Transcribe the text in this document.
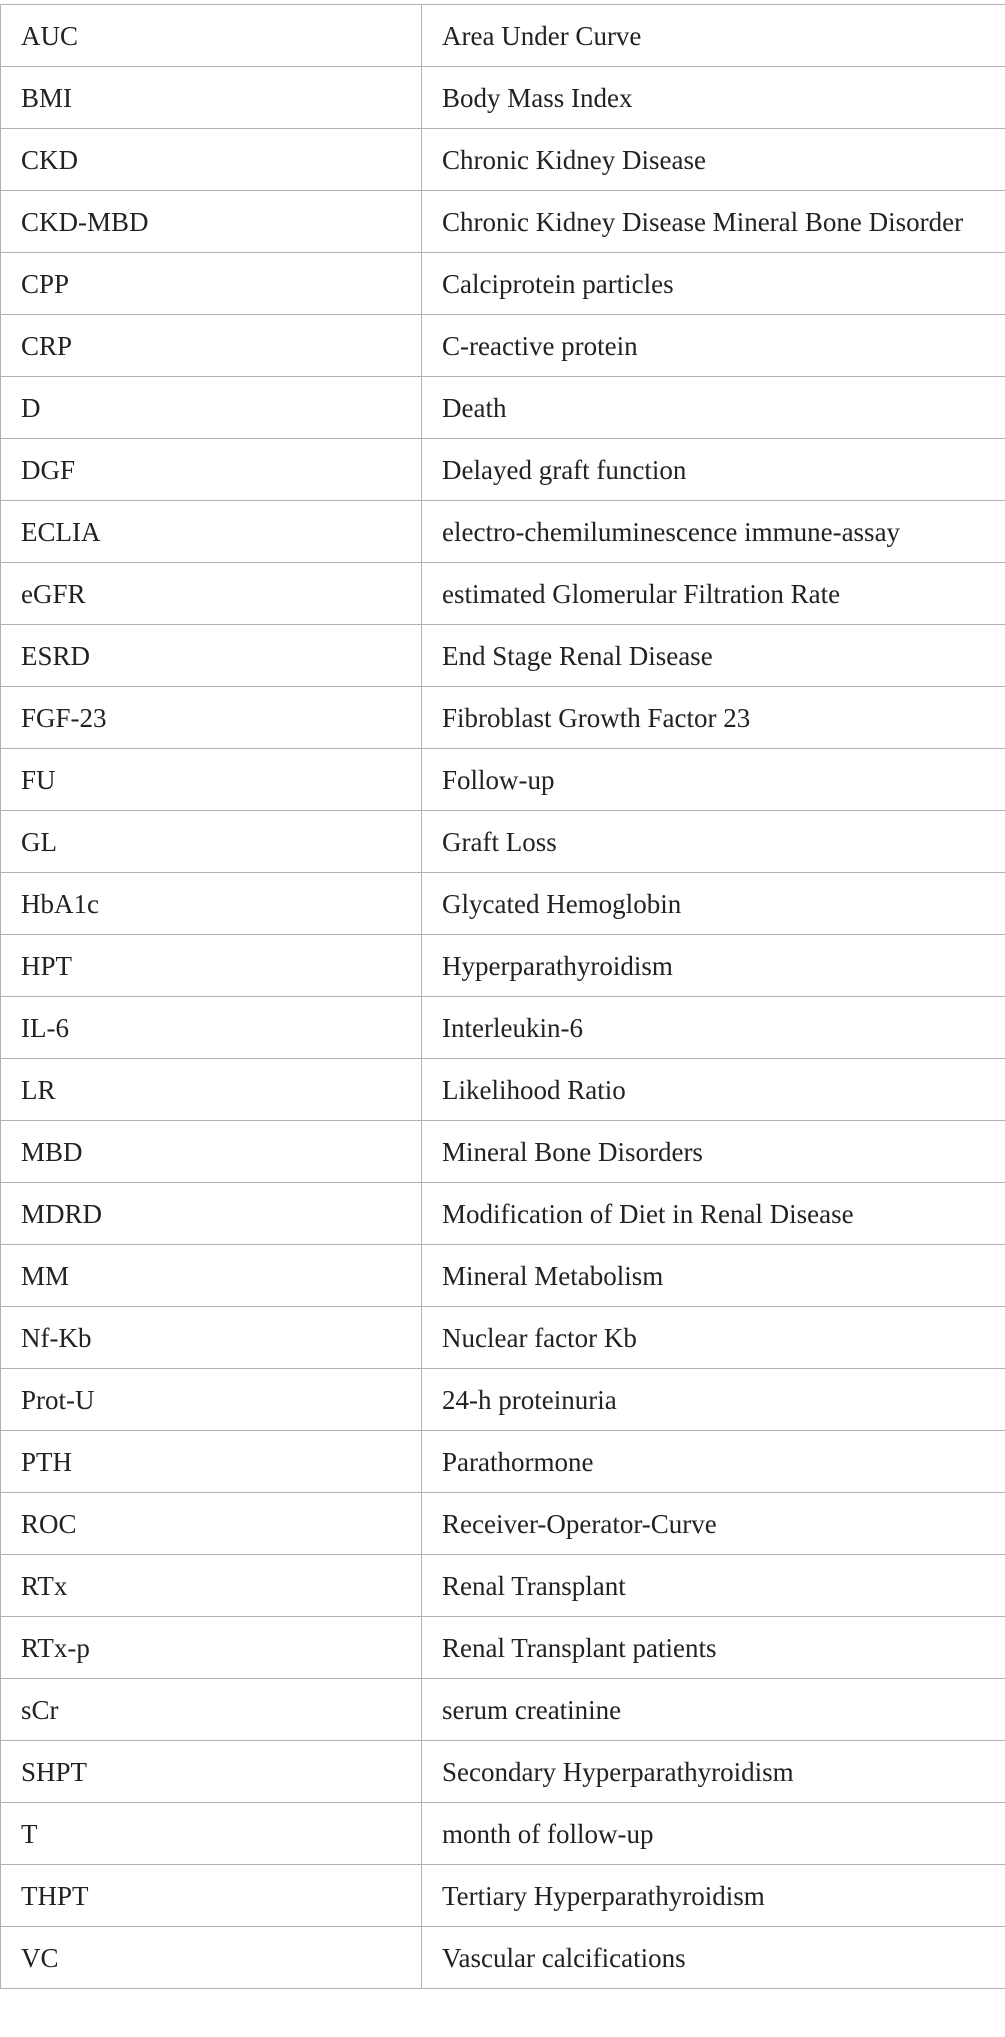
AUC	Area Under Curve
BMI	Body Mass Index
CKD	Chronic Kidney Disease
CKD-MBD	Chronic Kidney Disease Mineral Bone Disorder
CPP	Calciprotein particles
CRP	C-reactive protein
D	Death
DGF	Delayed graft function
ECLIA	electro-chemiluminescence immune-assay
eGFR	estimated Glomerular Filtration Rate
ESRD	End Stage Renal Disease
FGF-23	Fibroblast Growth Factor 23
FU	Follow-up
GL	Graft Loss
HbA1c	Glycated Hemoglobin
HPT	Hyperparathyroidism
IL-6	Interleukin-6
LR	Likelihood Ratio
MBD	Mineral Bone Disorders
MDRD	Modification of Diet in Renal Disease
MM	Mineral Metabolism
Nf-Kb	Nuclear factor Kb
Prot-U	24-h proteinuria
PTH	Parathormone
ROC	Receiver-Operator-Curve
RTx	Renal Transplant
RTx-p	Renal Transplant patients
sCr	serum creatinine
SHPT	Secondary Hyperparathyroidism
T	month of follow-up
THPT	Tertiary Hyperparathyroidism
VC	Vascular calcifications
